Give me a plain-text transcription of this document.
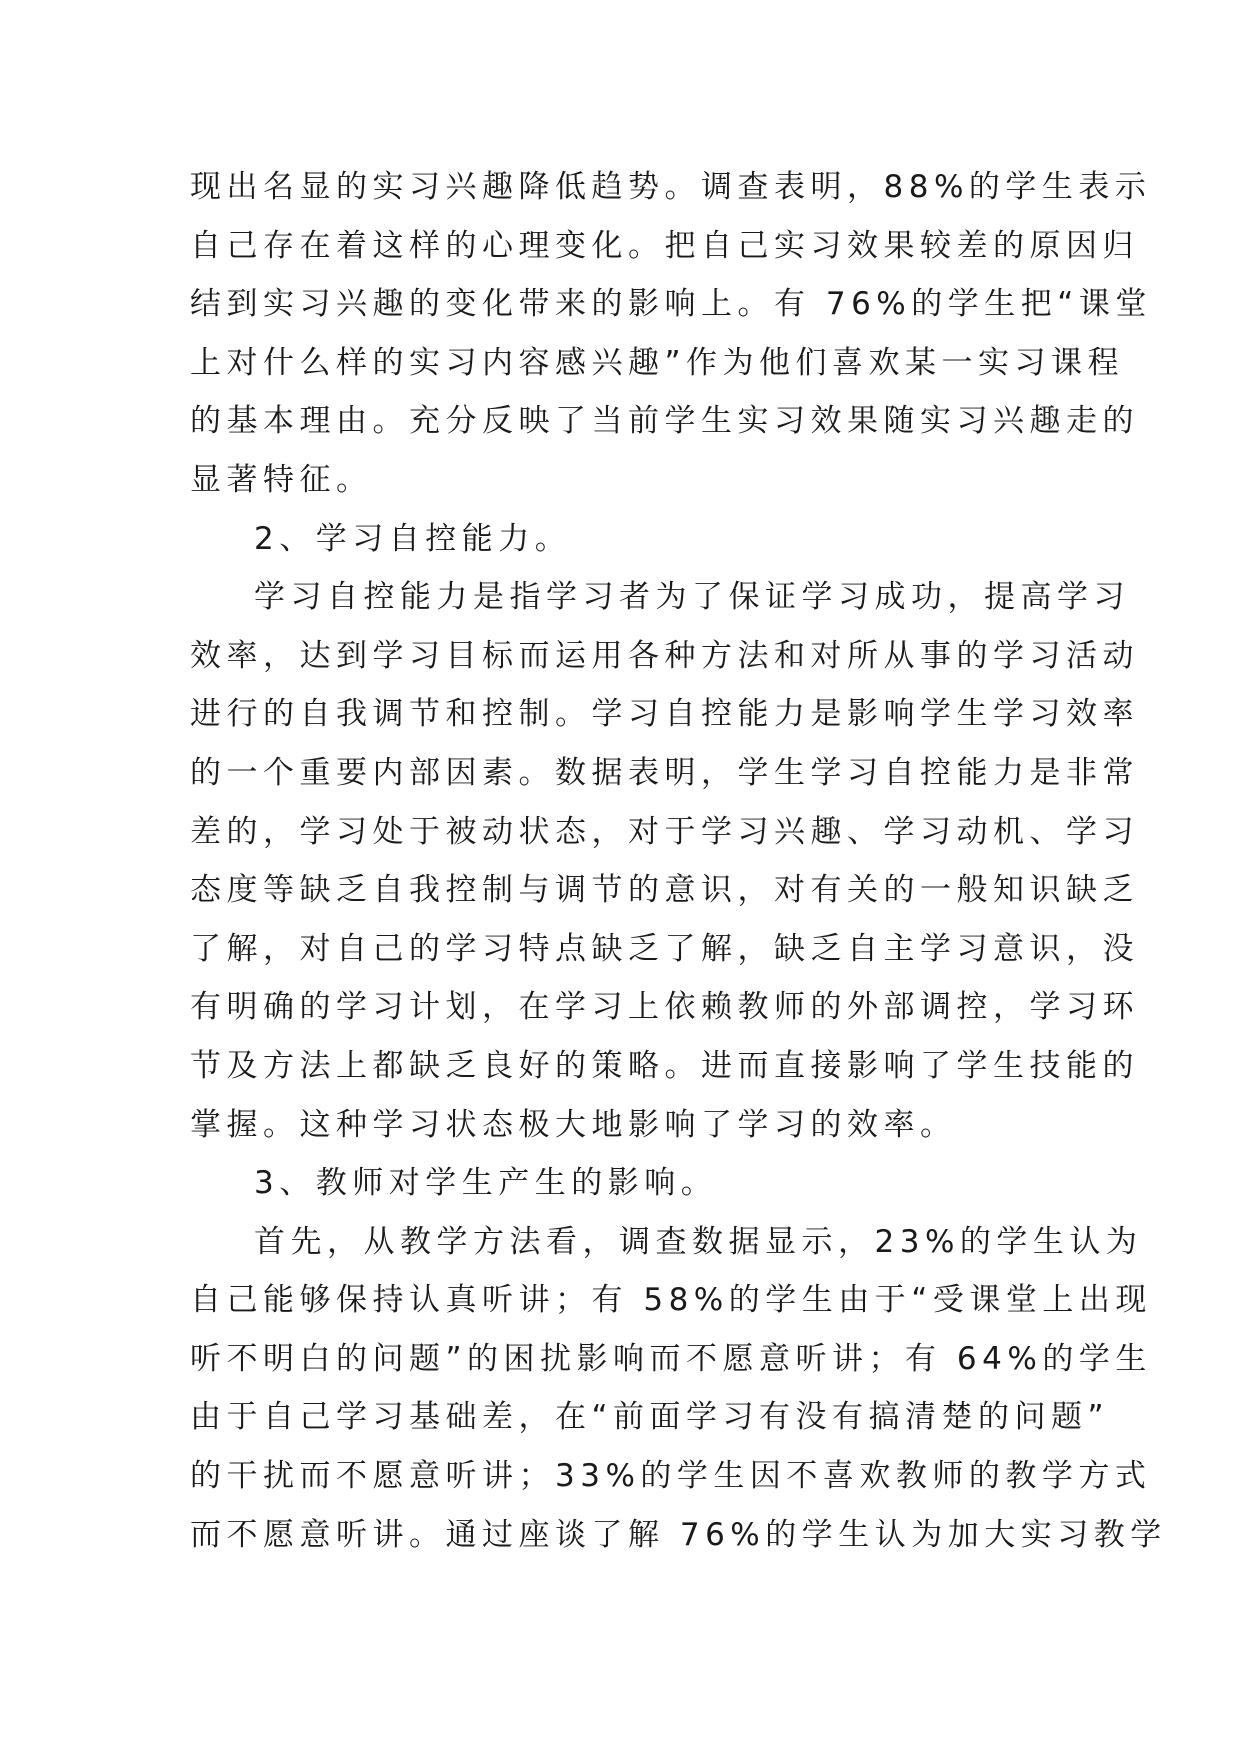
现出名显的实习兴趣降低趋势。调查表明，88%的学生表示
自己存在着这样的心理变化。把自己实习效果较差的原因归
结到实习兴趣的变化带来的影响上。有 76%的学生把“课堂
上对什么样的实习内容感兴趣”作为他们喜欢某一实习课程
的基本理由。充分反映了当前学生实习效果随实习兴趣走的
显著特征。
2、学习自控能力。
学习自控能力是指学习者为了保证学习成功，提高学习
效率，达到学习目标而运用各种方法和对所从事的学习活动
进行的自我调节和控制。学习自控能力是影响学生学习效率
的一个重要内部因素。数据表明，学生学习自控能力是非常
差的，学习处于被动状态，对于学习兴趣、学习动机、学习
态度等缺乏自我控制与调节的意识，对有关的一般知识缺乏
了解，对自己的学习特点缺乏了解，缺乏自主学习意识，没
有明确的学习计划，在学习上依赖教师的外部调控，学习环
节及方法上都缺乏良好的策略。进而直接影响了学生技能的
掌握。这种学习状态极大地影响了学习的效率。
3、教师对学生产生的影响。
首先，从教学方法看，调查数据显示，23%的学生认为
自己能够保持认真听讲；有 58%的学生由于“受课堂上出现
听不明白的问题”的困扰影响而不愿意听讲；有 64%的学生
由于自己学习基础差，在“前面学习有没有搞清楚的问题”
的干扰而不愿意听讲；33%的学生因不喜欢教师的教学方式
而不愿意听讲。通过座谈了解 76%的学生认为加大实习教学
